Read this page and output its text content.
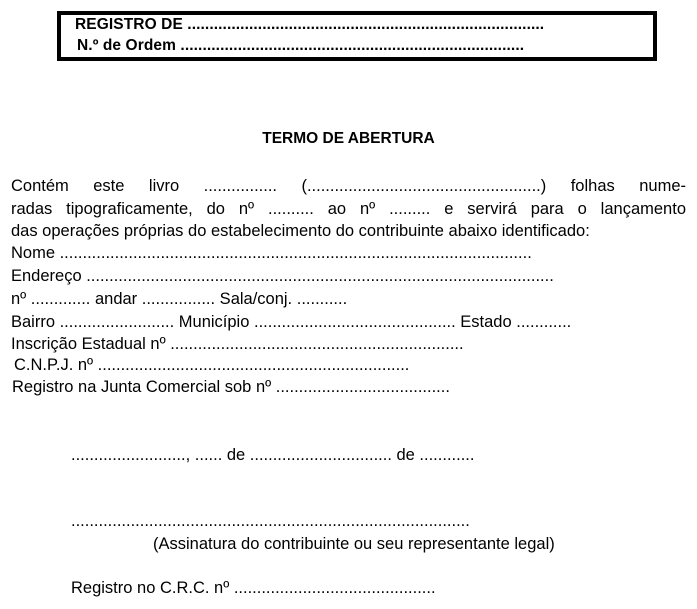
REGISTRO DE .................................................................................
N.º de Ordem ..............................................................................
TERMO DE ABERTURA
Contém este livro ................ (...................................................) folhas nume-
radas tipograficamente, do nº .......... ao nº ......... e servirá para o lançamento
das operações próprias do estabelecimento do contribuinte abaixo identificado:
Nome .......................................................................................................
Endereço ......................................................................................................
nº ............. andar ................ Sala/conj. ...........
Bairro ......................... Município ............................................ Estado ............
Inscrição Estadual nº ................................................................
C.N.P.J. nº ....................................................................
Registro na Junta Comercial sob nº ......................................
........................., ...... de ............................... de ............
.......................................................................................
(Assinatura do contribuinte ou seu representante legal)
Registro no C.R.C. nº ............................................
